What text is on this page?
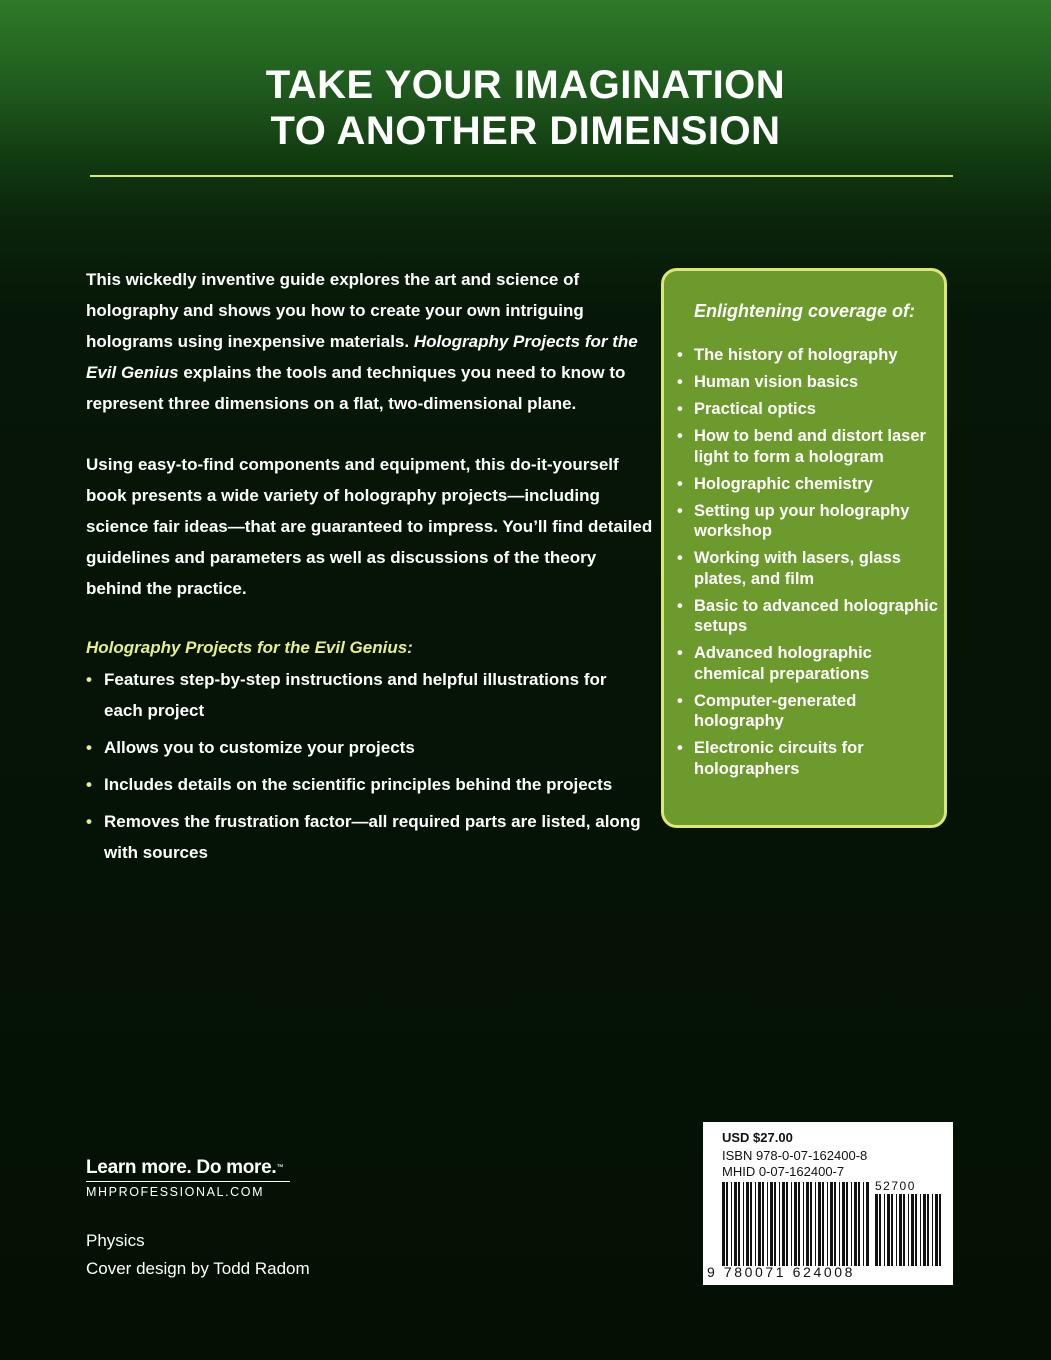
TAKE YOUR IMAGINATION
TO ANOTHER DIMENSION

This wickedly inventive guide explores the art and science of holography and shows you how to create your own intriguing holograms using inexpensive materials. Holography Projects for the Evil Genius explains the tools and techniques you need to know to represent three dimensions on a flat, two-dimensional plane.

Using easy-to-find components and equipment, this do-it-yourself book presents a wide variety of holography projects—including science fair ideas—that are guaranteed to impress. You’ll find detailed guidelines and parameters as well as discussions of the theory behind the practice.

Holography Projects for the Evil Genius:
• Features step-by-step instructions and helpful illustrations for each project
• Allows you to customize your projects
• Includes details on the scientific principles behind the projects
• Removes the frustration factor—all required parts are listed, along with sources
Enlightening coverage of:
• The history of holography
• Human vision basics
• Practical optics
• How to bend and distort laser light to form a hologram
• Holographic chemistry
• Setting up your holography workshop
• Working with lasers, glass plates, and film
• Basic to advanced holographic setups
• Advanced holographic chemical preparations
• Computer-generated holography
• Electronic circuits for holographers
Learn more. Do more.™
MHPROFESSIONAL.COM
Physics
Cover design by Todd Radom
USD $27.00
ISBN 978-0-07-162400-8
MHID 0-07-162400-7
52700
9 780071 624008
